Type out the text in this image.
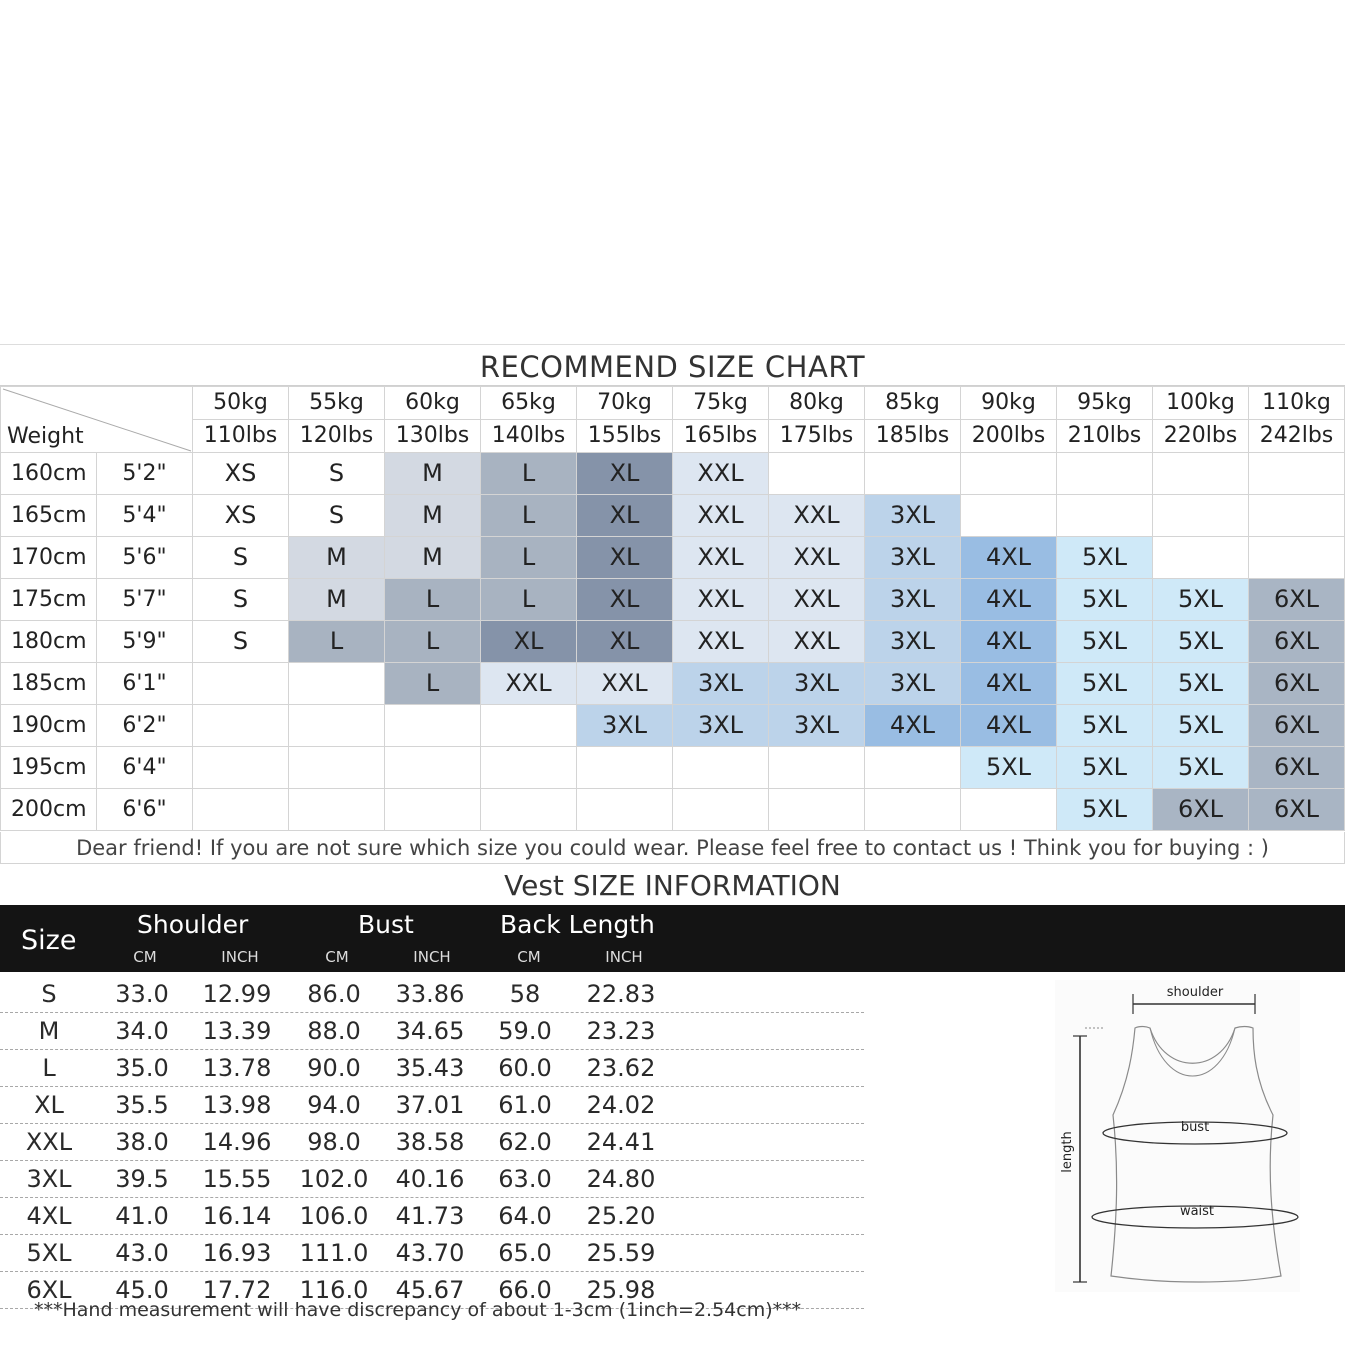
RECOMMEND SIZE CHART
Weight		50kg	55kg	60kg	65kg	70kg	75kg	80kg	85kg	90kg	95kg	100kg	110kg
		110lbs	120lbs	130lbs	140lbs	155lbs	165lbs	175lbs	185lbs	200lbs	210lbs	220lbs	242lbs
160cm	5'2"	XS	S	M	L	XL	XXL						
165cm	5'4"	XS	S	M	L	XL	XXL	XXL	3XL				
170cm	5'6"	S	M	M	L	XL	XXL	XXL	3XL	4XL	5XL		
175cm	5'7"	S	M	L	L	XL	XXL	XXL	3XL	4XL	5XL	5XL	6XL
180cm	5'9"	S	L	L	XL	XL	XXL	XXL	3XL	4XL	5XL	5XL	6XL
185cm	6'1"			L	XXL	XXL	3XL	3XL	3XL	4XL	5XL	5XL	6XL
190cm	6'2"					3XL	3XL	3XL	4XL	4XL	5XL	5XL	6XL
195cm	6'4"									5XL	5XL	5XL	6XL
200cm	6'6"										5XL	6XL	6XL
Dear friend! If you are not sure which size you could wear. Please feel free to contact us ! Think you for buying : )
Vest SIZE INFORMATION
Size
Shoulder	Bust	Back Length
CM	INCH	CM	INCH	CM	INCH
S 33.0 12.99 86.0 33.86 58 22.83
M 34.0 13.39 88.0 34.65 59.0 23.23
L 35.0 13.78 90.0 35.43 60.0 23.62
XL 35.5 13.98 94.0 37.01 61.0 24.02
XXL 38.0 14.96 98.0 38.58 62.0 24.41
3XL 39.5 15.55 102.0 40.16 63.0 24.80
4XL 41.0 16.14 106.0 41.73 64.0 25.20
5XL 43.0 16.93 111.0 43.70 65.0 25.59
6XL 45.0 17.72 116.0 45.67 66.0 25.98
***Hand measurement will have discrepancy of about 1-3cm (1inch=2.54cm)***
shoulder
bust
waist
length
